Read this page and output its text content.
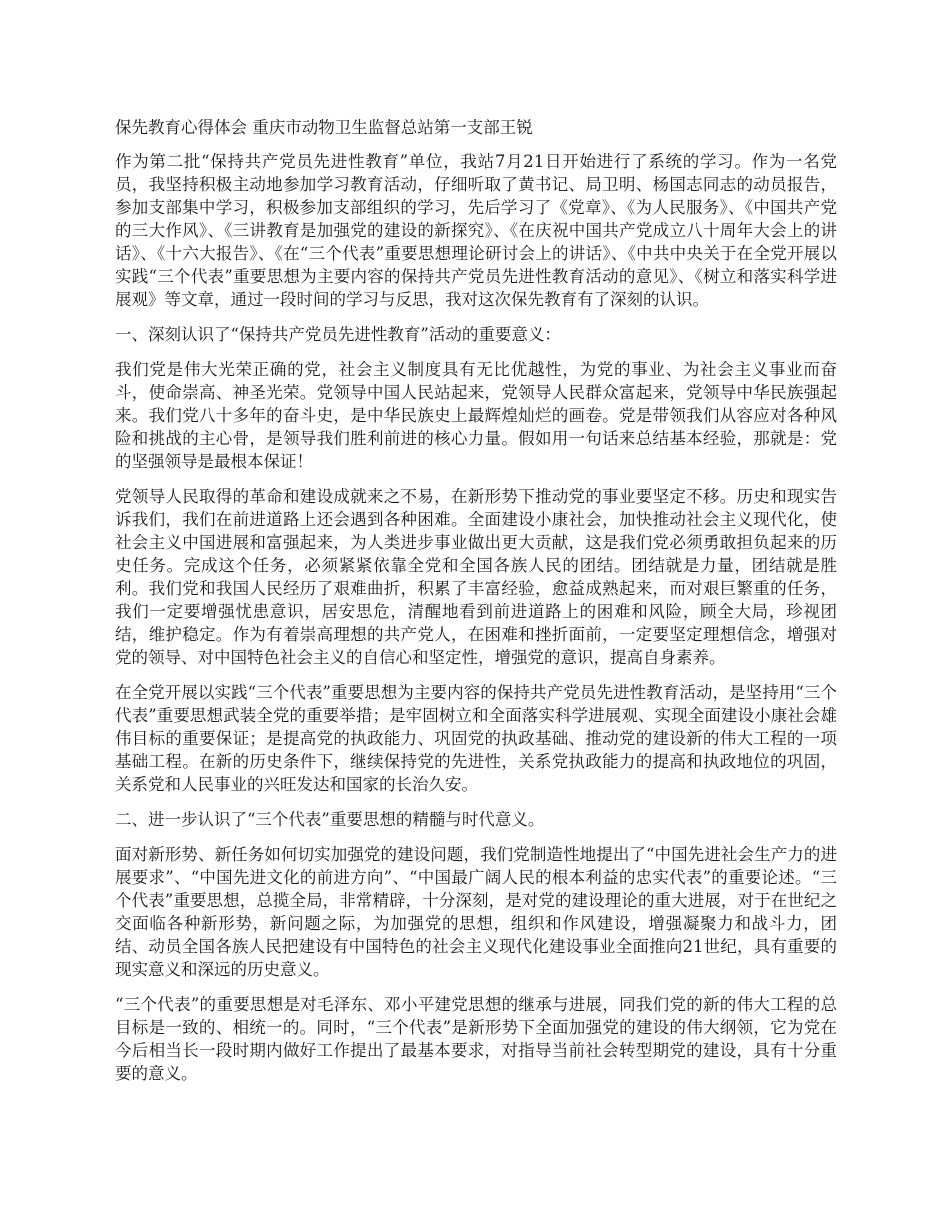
保先教育心得体会 重庆市动物卫生监督总站第一支部王锐
作为第二批“保持共产党员先进性教育”单位，我站7月21日开始进行了系统的学习。作为一名党员，我坚持积极主动地参加学习教育活动，仔细听取了黄书记、局卫明、杨国志同志的动员报告，参加支部集中学习，积极参加支部组织的学习，先后学习了《党章》、《为人民服务》、《中国共产党的三大作风》、《三讲教育是加强党的建设的新探究》、《在庆祝中国共产党成立八十周年大会上的讲话》、《十六大报告》、《在“三个代表”重要思想理论研讨会上的讲话》、《中共中央关于在全党开展以实践“三个代表”重要思想为主要内容的保持共产党员先进性教育活动的意见》、《树立和落实科学进展观》等文章，通过一段时间的学习与反思，我对这次保先教育有了深刻的认识。
一、深刻认识了“保持共产党员先进性教育”活动的重要意义：
我们党是伟大光荣正确的党，社会主义制度具有无比优越性，为党的事业、为社会主义事业而奋斗，使命崇高、神圣光荣。党领导中国人民站起来，党领导人民群众富起来，党领导中华民族强起来。我们党八十多年的奋斗史，是中华民族史上最辉煌灿烂的画卷。党是带领我们从容应对各种风险和挑战的主心骨，是领导我们胜利前进的核心力量。假如用一句话来总结基本经验，那就是：党的坚强领导是最根本保证！
党领导人民取得的革命和建设成就来之不易，在新形势下推动党的事业要坚定不移。历史和现实告诉我们，我们在前进道路上还会遇到各种困难。全面建设小康社会，加快推动社会主义现代化，使社会主义中国进展和富强起来，为人类进步事业做出更大贡献，这是我们党必须勇敢担负起来的历史任务。完成这个任务，必须紧紧依靠全党和全国各族人民的团结。团结就是力量，团结就是胜利。我们党和我国人民经历了艰难曲折，积累了丰富经验，愈益成熟起来，而对艰巨繁重的任务，我们一定要增强忧患意识，居安思危，清醒地看到前进道路上的困难和风险，顾全大局，珍视团结，维护稳定。作为有着崇高理想的共产党人，在困难和挫折面前，一定要坚定理想信念，增强对党的领导、对中国特色社会主义的自信心和坚定性，增强党的意识，提高自身素养。
在全党开展以实践“三个代表”重要思想为主要内容的保持共产党员先进性教育活动，是坚持用“三个代表”重要思想武装全党的重要举措；是牢固树立和全面落实科学进展观、实现全面建设小康社会雄伟目标的重要保证；是提高党的执政能力、巩固党的执政基础、推动党的建设新的伟大工程的一项基础工程。在新的历史条件下，继续保持党的先进性，关系党执政能力的提高和执政地位的巩固，关系党和人民事业的兴旺发达和国家的长治久安。
二、进一步认识了“三个代表”重要思想的精髓与时代意义。
面对新形势、新任务如何切实加强党的建设问题，我们党制造性地提出了“中国先进社会生产力的进展要求”、“中国先进文化的前进方向”、“中国最广阔人民的根本利益的忠实代表”的重要论述。“三个代表”重要思想，总揽全局，非常精辟，十分深刻，是对党的建设理论的重大进展，对于在世纪之交面临各种新形势，新问题之际，为加强党的思想，组织和作风建设，增强凝聚力和战斗力，团结、动员全国各族人民把建设有中国特色的社会主义现代化建设事业全面推向21世纪，具有重要的现实意义和深远的历史意义。
“三个代表”的重要思想是对毛泽东、邓小平建党思想的继承与进展，同我们党的新的伟大工程的总目标是一致的、相统一的。同时，“三个代表”是新形势下全面加强党的建设的伟大纲领，它为党在今后相当长一段时期内做好工作提出了最基本要求，对指导当前社会转型期党的建设，具有十分重要的意义。
